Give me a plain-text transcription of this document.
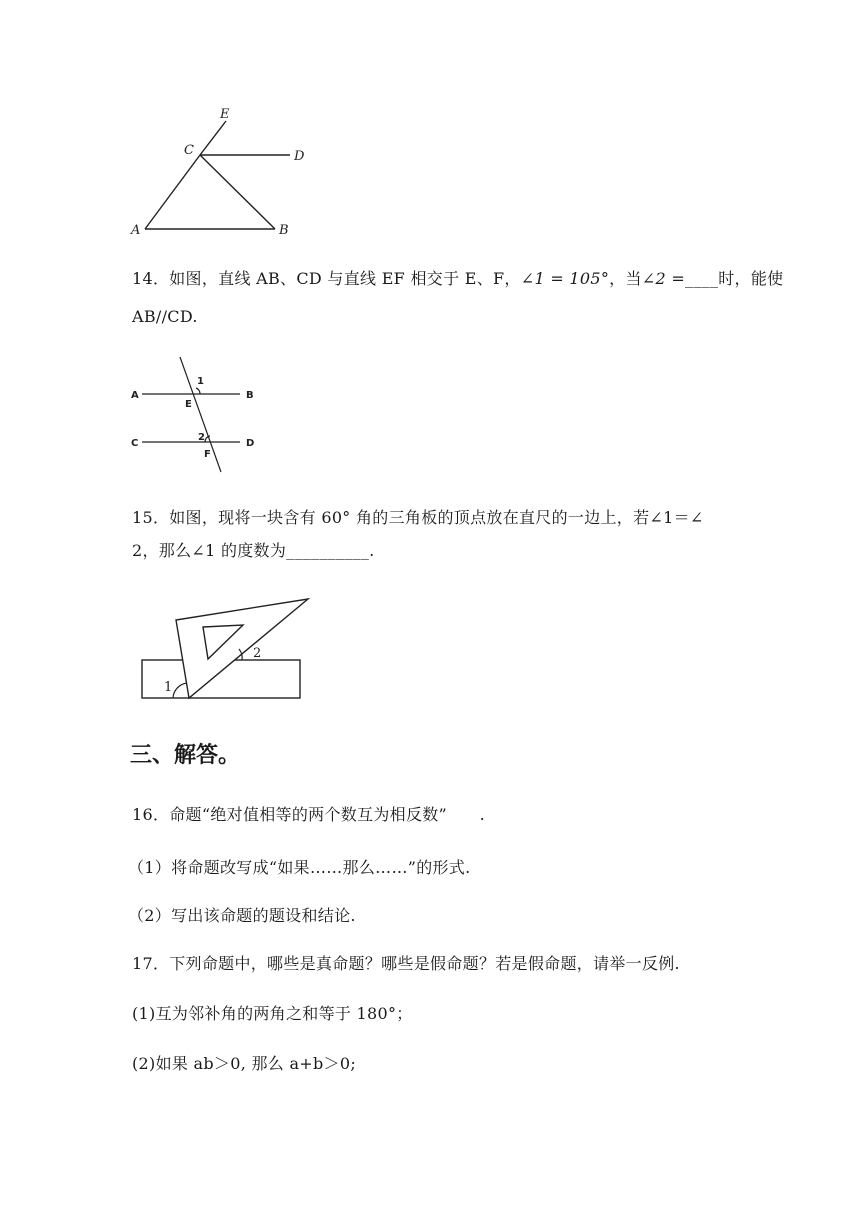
E
C	D
A	B
14．如图，直线 AB、CD 与直线 EF 相交于 E、F，∠1 = 105°，当∠2 =____时，能使
AB//CD.
A	B
C	D
E
F
1
2
15．如图，现将一块含有 60° 角的三角板的顶点放在直尺的一边上，若∠1＝∠
2，那么∠1 的度数为__________.
1
2
三、解答。
16．命题“绝对值相等的两个数互为相反数”　　.
（1）将命题改写成“如果……那么……”的形式.
（2）写出该命题的题设和结论.
17．下列命题中，哪些是真命题？哪些是假命题？若是假命题，请举一反例.
(1)互为邻补角的两角之和等于 180°；
(2)如果 ab＞0, 那么 a+b＞0;
